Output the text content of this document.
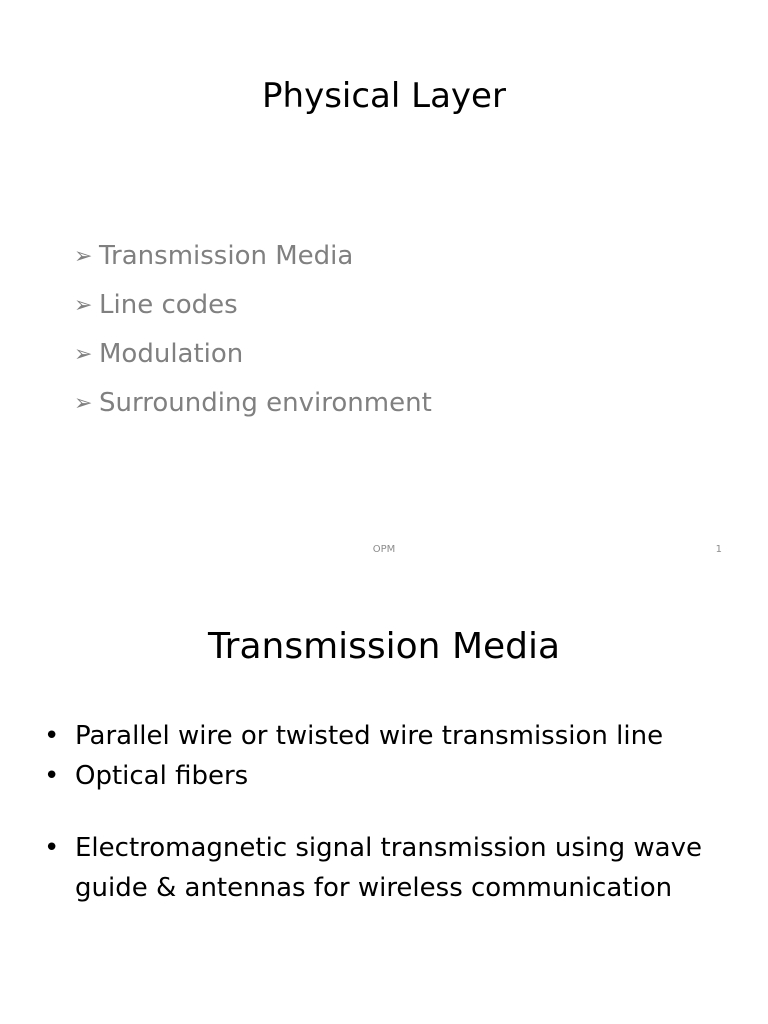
Physical Layer
➢ Transmission Media
➢ Line codes
➢ Modulation
➢ Surrounding environment
OPM	1
Transmission Media
• Parallel wire or twisted wire transmission line
• Optical fibers
• Electromagnetic signal transmission using wave guide & antennas for wireless communication
